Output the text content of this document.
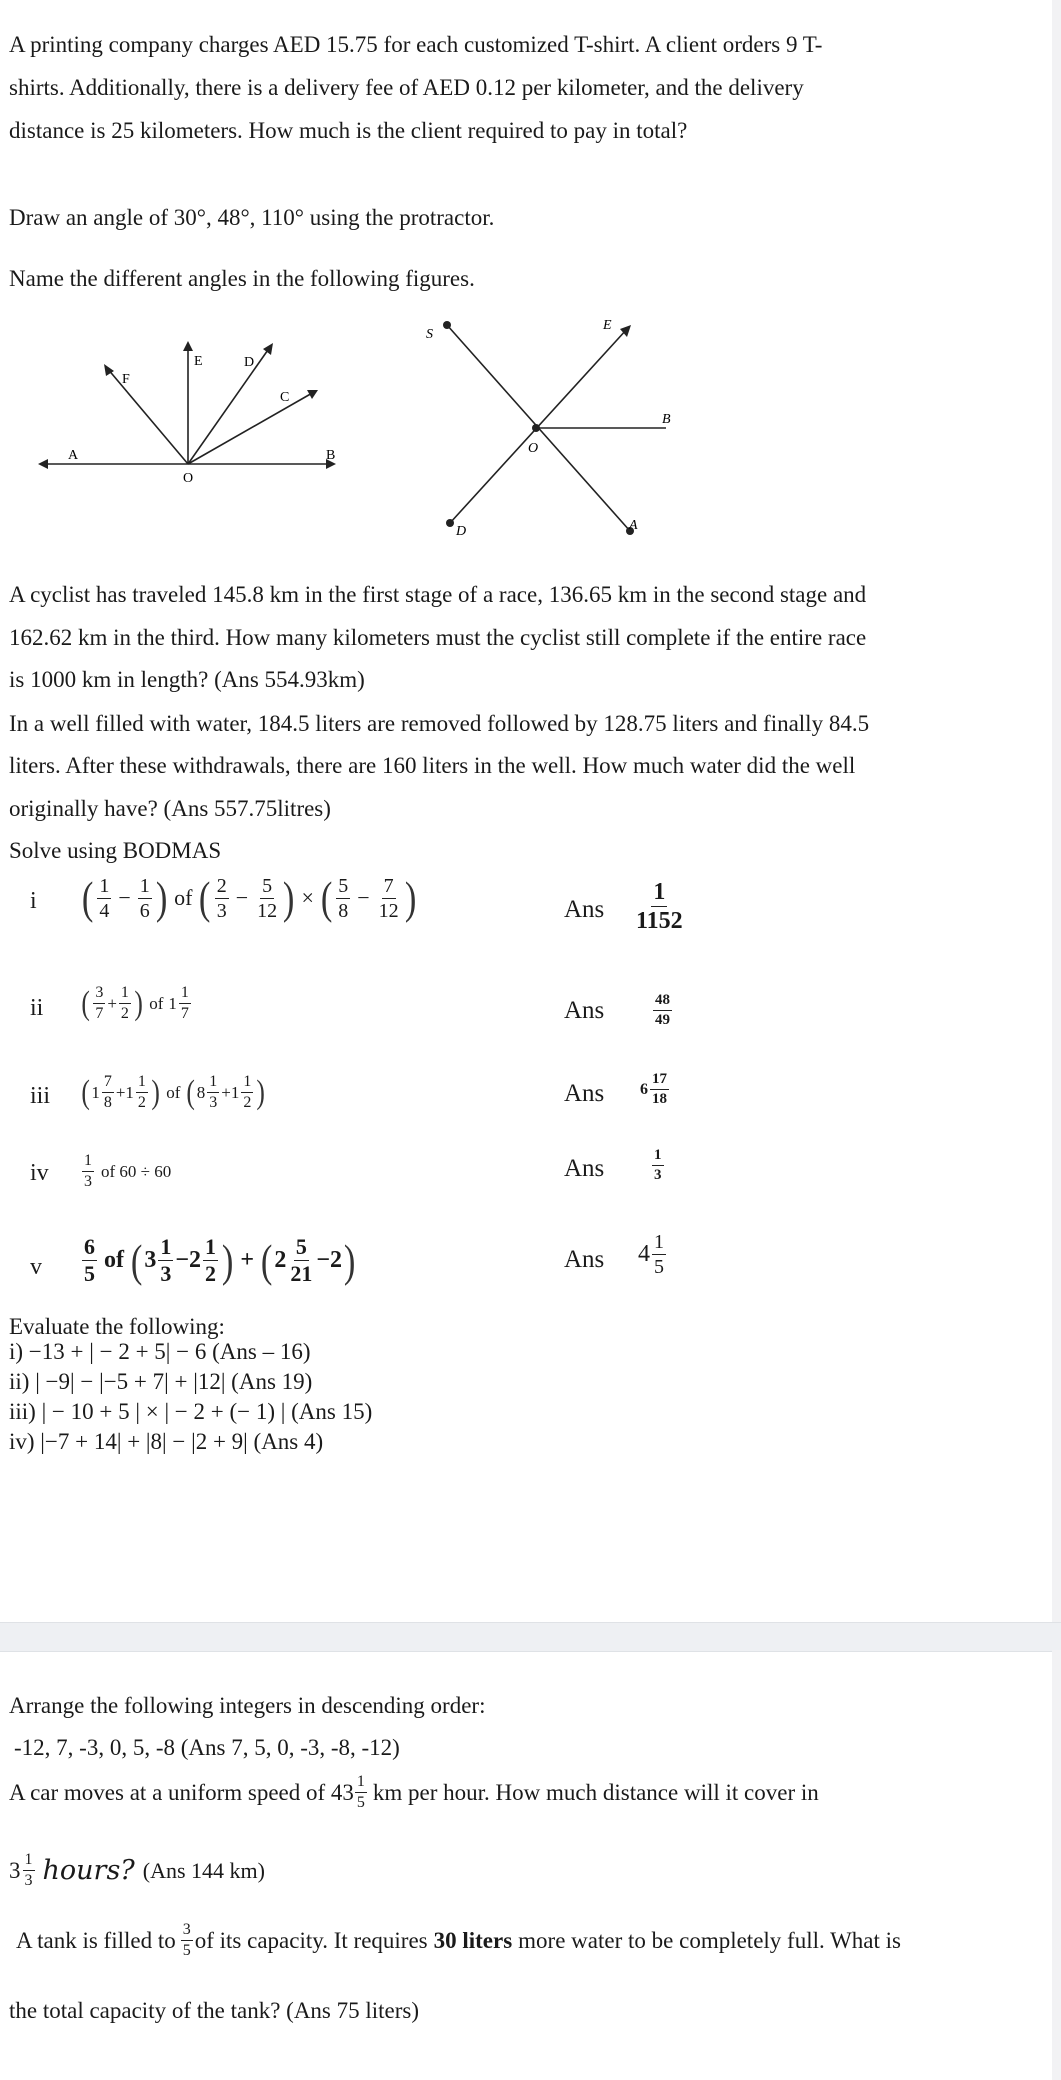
A printing company charges AED 15.75 for each customized T-shirt. A client orders 9 T-

shirts. Additionally, there is a delivery fee of AED 0.12 per kilometer, and the delivery

distance is 25 kilometers. How much is the client required to pay in total?

Draw an angle of 30°, 48°, 110° using the protractor.

Name the different angles in the following figures.

A	B
O
F
E	D
C
S
E
B
O
D	A

A cyclist has traveled 145.8 km in the first stage of a race, 136.65 km in the second stage and

162.62 km in the third. How many kilometers must the cyclist still complete if the entire race

is 1000 km in length? (Ans 554.93km)

In a well filled with water, 184.5 liters are removed followed by 128.75 liters and finally 84.5

liters. After these withdrawals, there are 160 liters in the well. How much water did the well

originally have? (Ans 557.75litres)

Solve using BODMAS

i ( $\frac{1}{4} - \frac{1}{6}$ ) of ( $\frac{2}{3} - \frac{5}{12}$ ) × ( $\frac{5}{8} - \frac{7}{12}$ )	Ans $\frac{1}{1152}$
ii ( $\frac{3}{7} + \frac{1}{2}$ ) of $1 \frac{1}{7}$	Ans	$\frac{48}{49}$
iii ( $1 \frac{7}{8} + 1 \frac{1}{2}$ ) of ( $8 \frac{1}{3} + 1 \frac{1}{2}$ )	Ans $6 \frac{17}{18}$
iv $\frac{1}{3}$ of 60 ÷ 60	Ans	$\frac{1}{3}$
v $\frac{6}{5}$ of ( $3 \frac{1}{3} - 2 \frac{1}{2}$ ) + ( $2 \frac{5}{21} - 2$ )	Ans $4 \frac{1}{5}$

Evaluate the following:

i) −13 + | − 2 + 5| − 6 (Ans – 16)

ii) | −9| − |−5 + 7| + |12| (Ans 19)

iii) | − 10 + 5 | × | − 2 + (− 1) | (Ans 15)

iv) |−7 + 14| + |8| − |2 + 9| (Ans 4)

Arrange the following integers in descending order:

-12, 7, -3, 0, 5, -8 (Ans 7, 5, 0, -3, -8, -12)

A car moves at a uniform speed of $43 \frac{1}{5}$ km per hour. How much distance will it cover in
$3 \frac{1}{3}$ hours? (Ans 144 km)
A tank is filled to $\frac{3}{5}$ of its capacity. It requires 30 liters more water to be completely full. What is

the total capacity of the tank? (Ans 75 liters)
